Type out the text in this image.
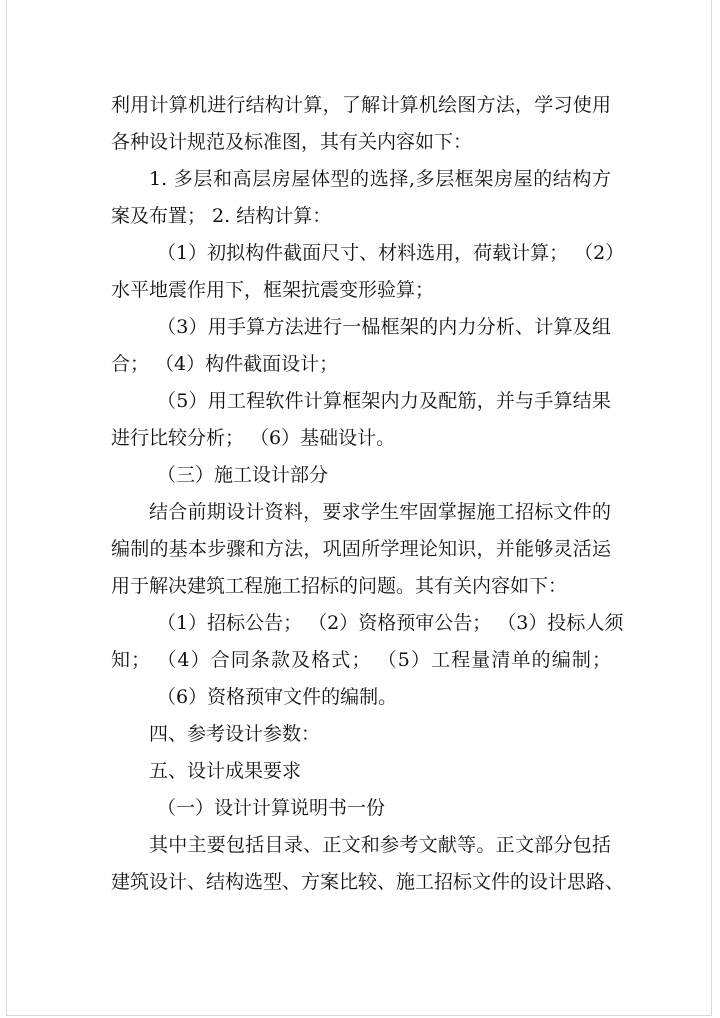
利用计算机进行结构计算，了解计算机绘图方法，学习使用

各种设计规范及标准图，其有关内容如下：

1. 多层和高层房屋体型的选择,多层框架房屋的结构方

案及布置； 2. 结构计算：

（1）初拟构件截面尺寸、材料选用，荷载计算； （2）

水平地震作用下，框架抗震变形验算；

（3）用手算方法进行一榀框架的内力分析、计算及组

合； （4）构件截面设计；

（5）用工程软件计算框架内力及配筋，并与手算结果

进行比较分析； （6）基础设计。

（三）施工设计部分

结合前期设计资料，要求学生牢固掌握施工招标文件的

编制的基本步骤和方法，巩固所学理论知识，并能够灵活运

用于解决建筑工程施工招标的问题。其有关内容如下：

（1）招标公告； （2）资格预审公告； （3）投标人须

知； （4）合同条款及格式； （5）工程量清单的编制；

（6）资格预审文件的编制。

四、参考设计参数：

五、设计成果要求

（一）设计计算说明书一份

其中主要包括目录、正文和参考文献等。正文部分包括

建筑设计、结构选型、方案比较、施工招标文件的设计思路、
